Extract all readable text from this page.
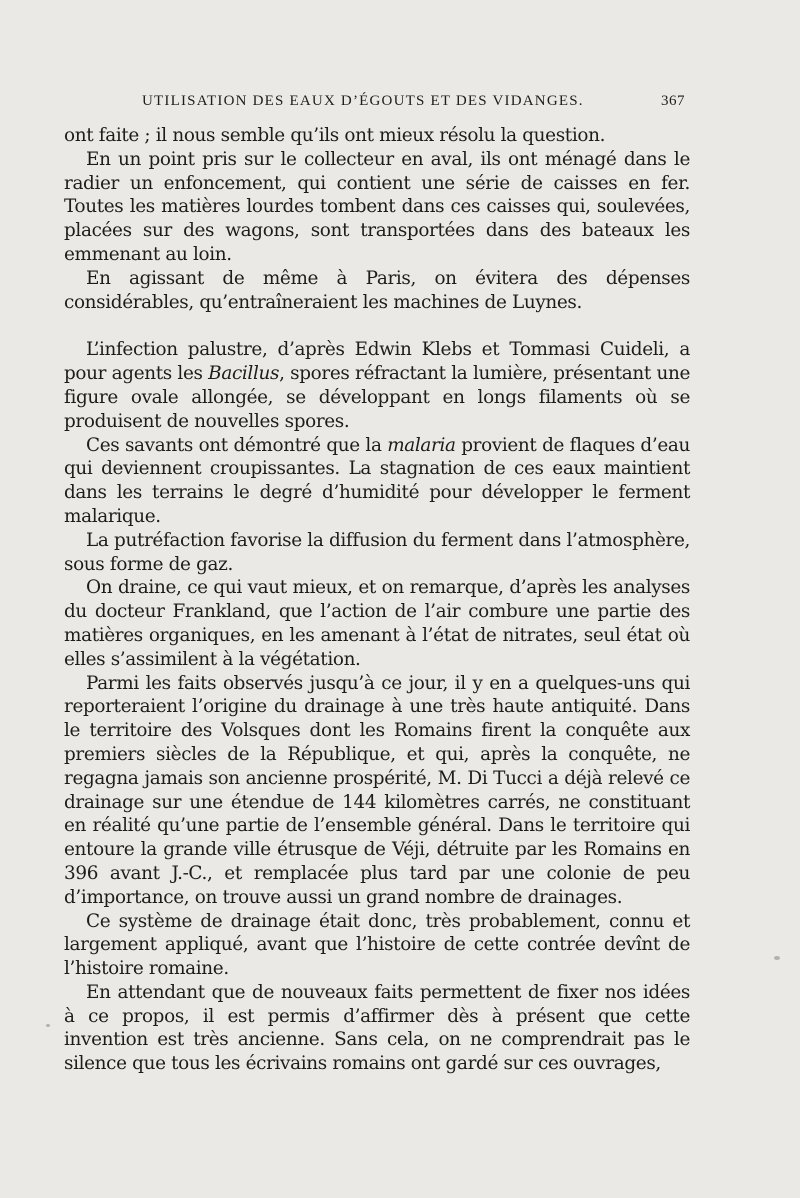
UTILISATION DES EAUX D’ÉGOUTS ET DES VIDANGES.	367

ont faite ; il nous semble qu’ils ont mieux résolu la question.

En un point pris sur le collecteur en aval, ils ont ménagé dans le radier un enfoncement, qui contient une série de caisses en fer. Toutes les matières lourdes tombent dans ces caisses qui, soulevées, placées sur des wagons, sont transportées dans des bateaux les emmenant au loin.

En agissant de même à Paris, on évitera des dépenses considérables, qu’entraîneraient les machines de Luynes.

L’infection palustre, d’après Edwin Klebs et Tommasi Cuideli, a pour agents les Bacillus, spores réfractant la lumière, présentant une figure ovale allongée, se développant en longs filaments où se produisent de nouvelles spores.

Ces savants ont démontré que la malaria provient de flaques d’eau qui deviennent croupissantes. La stagnation de ces eaux maintient dans les terrains le degré d’humidité pour développer le ferment malarique.

La putréfaction favorise la diffusion du ferment dans l’atmosphère, sous forme de gaz.

On draine, ce qui vaut mieux, et on remarque, d’après les analyses du docteur Frankland, que l’action de l’air combure une partie des matières organiques, en les amenant à l’état de nitrates, seul état où elles s’assimilent à la végétation.

Parmi les faits observés jusqu’à ce jour, il y en a quelques-uns qui reporteraient l’origine du drainage à une très haute antiquité. Dans le territoire des Volsques dont les Romains firent la conquête aux premiers siècles de la République, et qui, après la conquête, ne regagna jamais son ancienne prospérité, M. Di Tucci a déjà relevé ce drainage sur une étendue de 144 kilomètres carrés, ne constituant en réalité qu’une partie de l’ensemble général. Dans le territoire qui entoure la grande ville étrusque de Véji, détruite par les Romains en 396 avant J.-C., et remplacée plus tard par une colonie de peu d’importance, on trouve aussi un grand nombre de drainages.

Ce système de drainage était donc, très probablement, connu et largement appliqué, avant que l’histoire de cette contrée devînt de l’histoire romaine.

En attendant que de nouveaux faits permettent de fixer nos idées à ce propos, il est permis d’affirmer dès à présent que cette invention est très ancienne. Sans cela, on ne comprendrait pas le silence que tous les écrivains romains ont gardé sur ces ouvrages,
